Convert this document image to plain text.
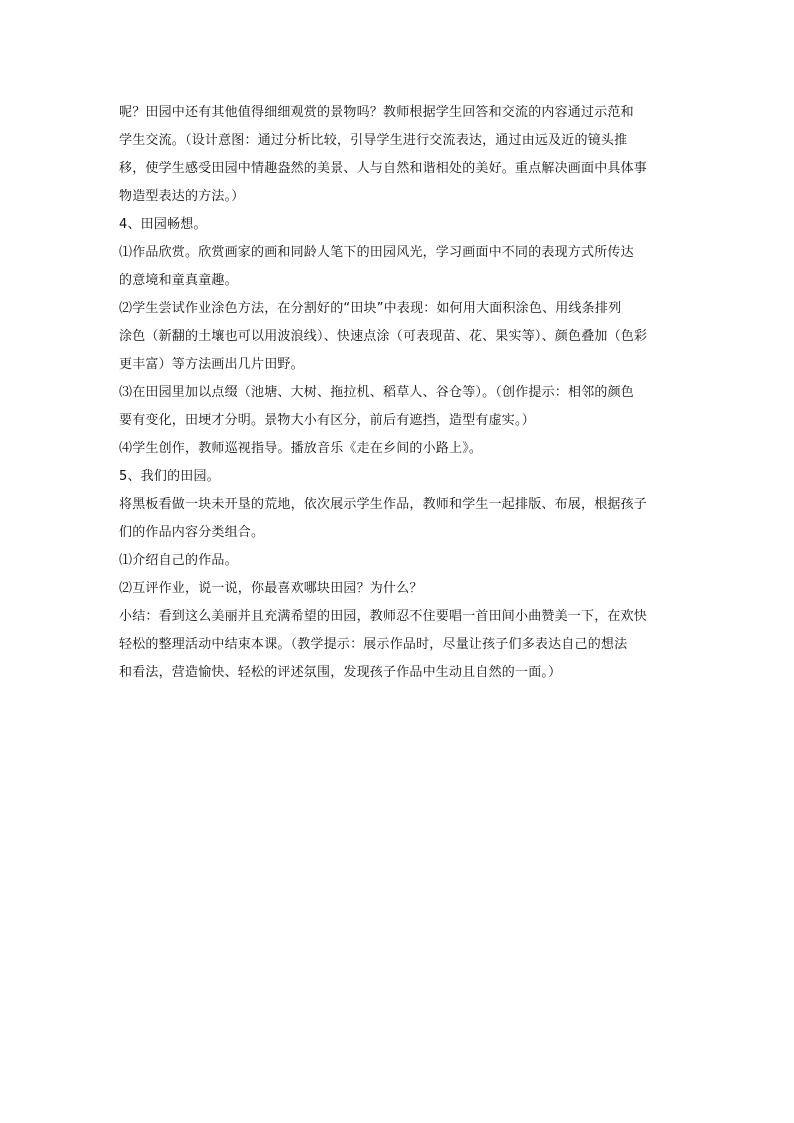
呢？田园中还有其他值得细细观赏的景物吗？教师根据学生回答和交流的内容通过示范和
学生交流。（设计意图：通过分析比较，引导学生进行交流表达，通过由远及近的镜头推
移，使学生感受田园中情趣盎然的美景、人与自然和谐相处的美好。重点解决画面中具体事
物造型表达的方法。）
4、田园畅想。
⑴作品欣赏。欣赏画家的画和同龄人笔下的田园风光，学习画面中不同的表现方式所传达
的意境和童真童趣。
⑵学生尝试作业涂色方法，在分割好的“田块”中表现：如何用大面积涂色、用线条排列
涂色（新翻的土壤也可以用波浪线）、快速点涂（可表现苗、花、果实等）、颜色叠加（色彩
更丰富）等方法画出几片田野。
⑶在田园里加以点缀（池塘、大树、拖拉机、稻草人、谷仓等）。（创作提示：相邻的颜色
要有变化，田埂才分明。景物大小有区分，前后有遮挡，造型有虚实。）
⑷学生创作，教师巡视指导。播放音乐《走在乡间的小路上》。
5、我们的田园。
将黑板看做一块未开垦的荒地，依次展示学生作品，教师和学生一起排版、布展，根据孩子
们的作品内容分类组合。
⑴介绍自己的作品。
⑵互评作业，说一说，你最喜欢哪块田园？为什么？
小结：看到这么美丽并且充满希望的田园，教师忍不住要唱一首田间小曲赞美一下，在欢快
轻松的整理活动中结束本课。（教学提示：展示作品时，尽量让孩子们多表达自己的想法
和看法，营造愉快、轻松的评述氛围，发现孩子作品中生动且自然的一面。）
